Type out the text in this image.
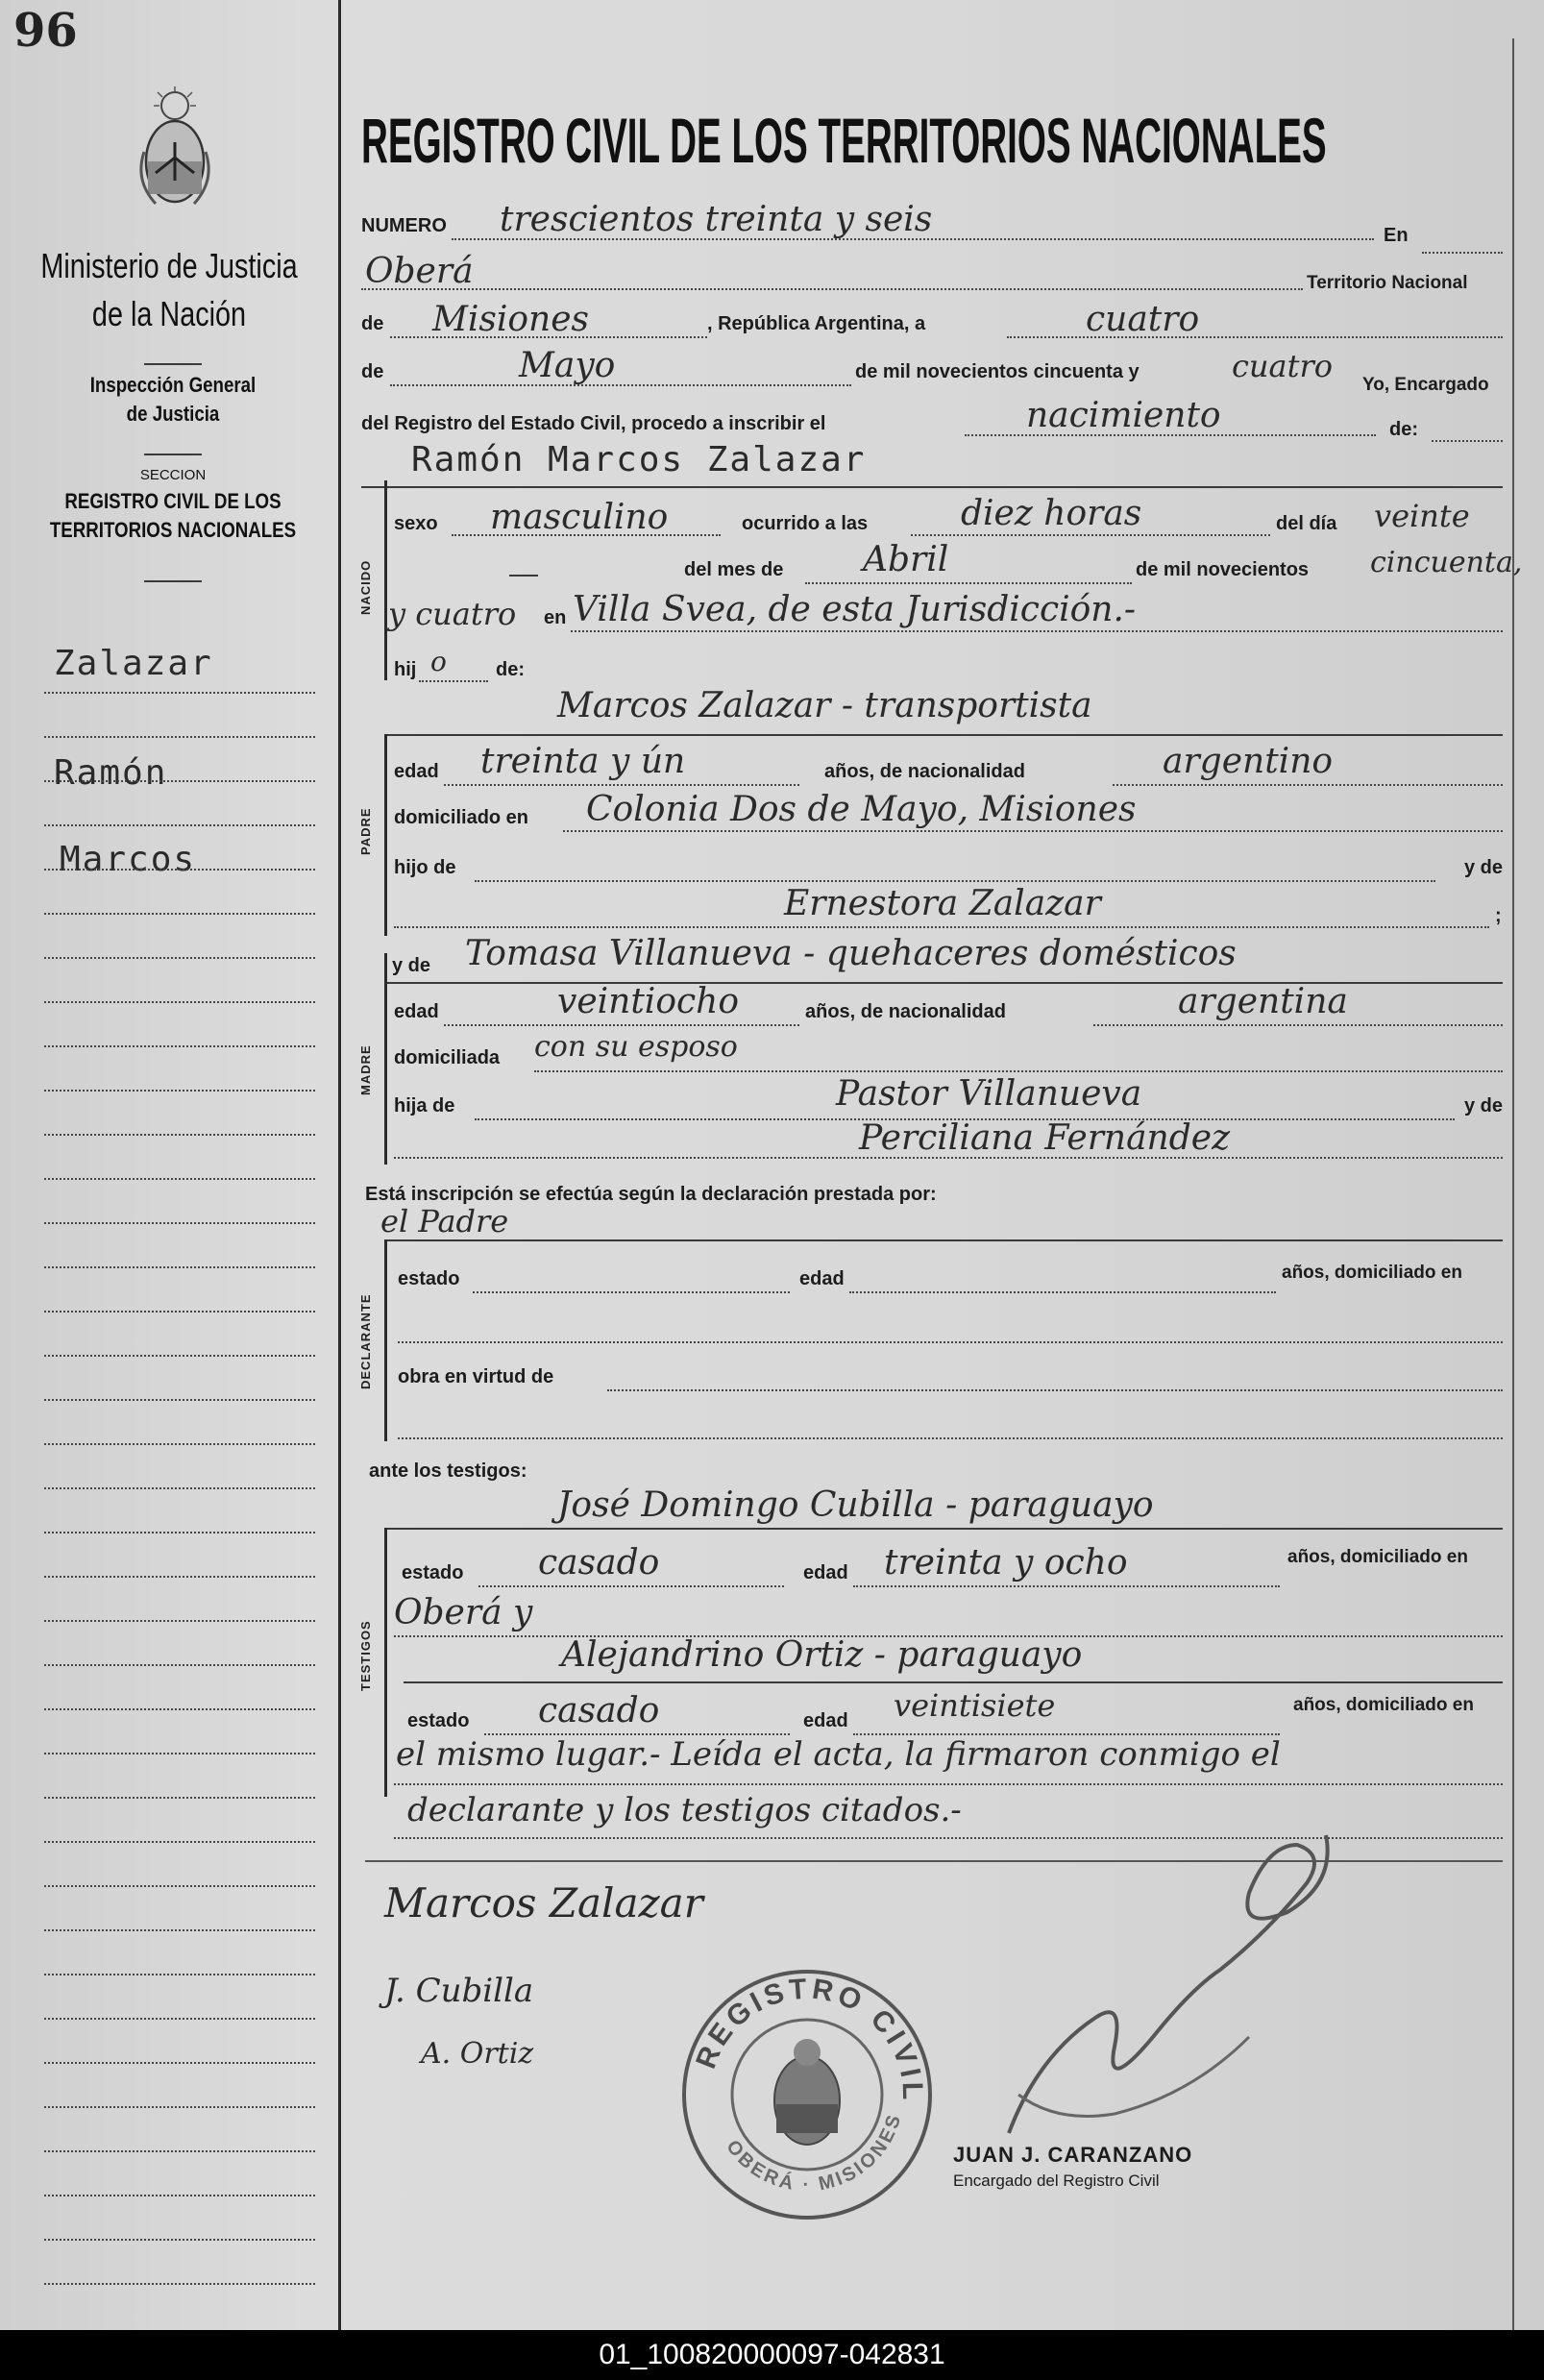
96
Ministerio de Justicia
de la Nación
Inspección General
de Justicia
SECCION
REGISTRO CIVIL DE LOS
TERRITORIOS NACIONALES
Zalazar
Ramón
Marcos
REGISTRO CIVIL DE LOS TERRITORIOS NACIONALES
NUMERO trescientos treinta y seis	En
Oberá	Territorio Nacional
de Misiones	, República Argentina, a	cuatro
de	Mayo	de mil novecientos cincuenta y	cuatro
Yo, Encargado
del Registro del Estado Civil, procedo a inscribir el	nacimiento	de:
Ramón Marcos Zalazar
NACIDO
sexo masculino	ocurrido a las	diez horas	del día veinte
del mes de Abril	de mil novecientos cincuenta,
y cuatro en Villa Svea, de esta Jurisdicción.-
hij o	de:
Marcos Zalazar - transportista
PADRE
edad treinta y ún	años, de nacionalidad	argentino
domiciliado en Colonia Dos de Mayo, Misiones
hijo de	y de
Ernestora Zalazar	;
y de Tomasa Villanueva - quehaceres domésticos
MADRE
edad	veintiocho	años, de nacionalidad	argentina
domiciliada con su esposo
hija de	y de
Pastor Villanueva
Perciliana Fernández
Está inscripción se efectúa según la declaración prestada por:
el Padre
DECLARANTE
estado	edad	años, domiciliado en
obra en virtud de
ante los testigos:
José Domingo Cubilla - paraguayo
TESTIGOS
estado casado	edad treinta y ocho	años, domiciliado en
Oberá y
Alejandrino Ortiz - paraguayo
estado casado	edad veintisiete	años, domiciliado en
el mismo lugar.- Leída el acta, la firmaron conmigo el
declarante y los testigos citados.-
Marcos Zalazar
J. Cubilla
A. Ortiz	REGISTRO CIVIL
OBERÁ · MISIONES
JUAN J. CARANZANO
Encargado del Registro Civil
01_100820000097-042831
